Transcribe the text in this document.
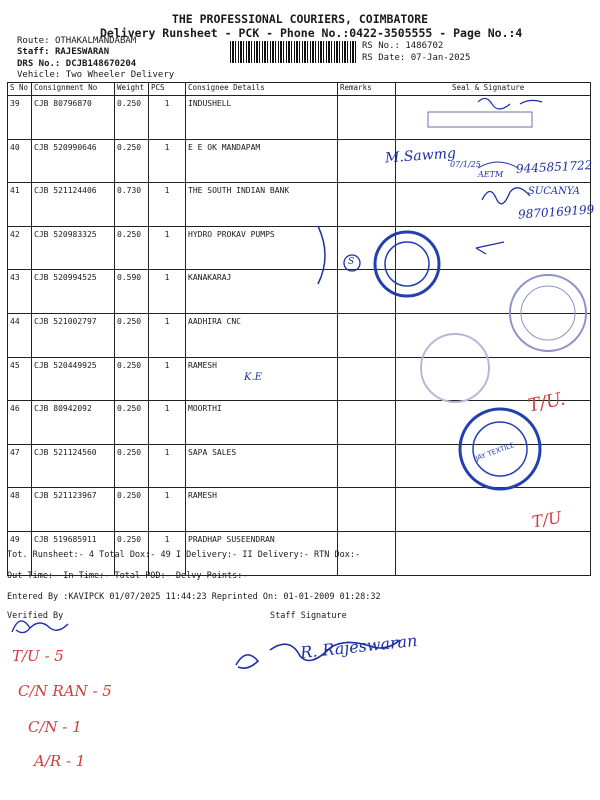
THE PROFESSIONAL COURIERS, COIMBATORE
Delivery Runsheet - PCK - Phone No.:0422-3505555 - Page No.:4
Route: OTHAKALMANDABAM
Staff: RAJESWARAN
DRS No.: DCJB148670204
Vehicle: Two Wheeler Delivery
RS No.: 1486702
RS Date: 07-Jan-2025
S No	Consignment No	Weight	PCS	Consignee Details	Remarks	Seal & Signature
39	CJB 80796870	0.250	1	INDUSHELL		
40	CJB 520990646	0.250	1	E E OK MANDAPAM		
41	CJB 521124406	0.730	1	THE SOUTH INDIAN BANK		
42	CJB 520983325	0.250	1	HYDRO PROKAV PUMPS		
43	CJB 520994525	0.590	1	KANAKARAJ		
44	CJB 521002797	0.250	1	AADHIRA CNC		
45	CJB 520449925	0.250	1	RAMESH		
46	CJB 80942092	0.250	1	MOORTHI		
47	CJB 521124560	0.250	1	SAPA SALES		
48	CJB 521123967	0.250	1	RAMESH		
49	CJB 519685911	0.250	1	PRADHAP SUSEENDRAN		
JAY TEXTILE
M.Sawmg
07/1/25
AETM 9445851722
SUCANYA
9870169199
S
K.E
T/U.
T/U
R. Rajeswaran
T/U - 5
C/N RAN - 5
C/N - 1
A/R - 1
Tot. Runsheet:- 4 Total Dox:- 49 I Delivery:- II Delivery:- RTN Dox:-
Out Time:- In Time:- Total POD:- Delvy Points:-
Entered By :KAVIPCK 01/07/2025 11:44:23 Reprinted On: 01-01-2009 01:28:32
Verified By	Staff Signature
